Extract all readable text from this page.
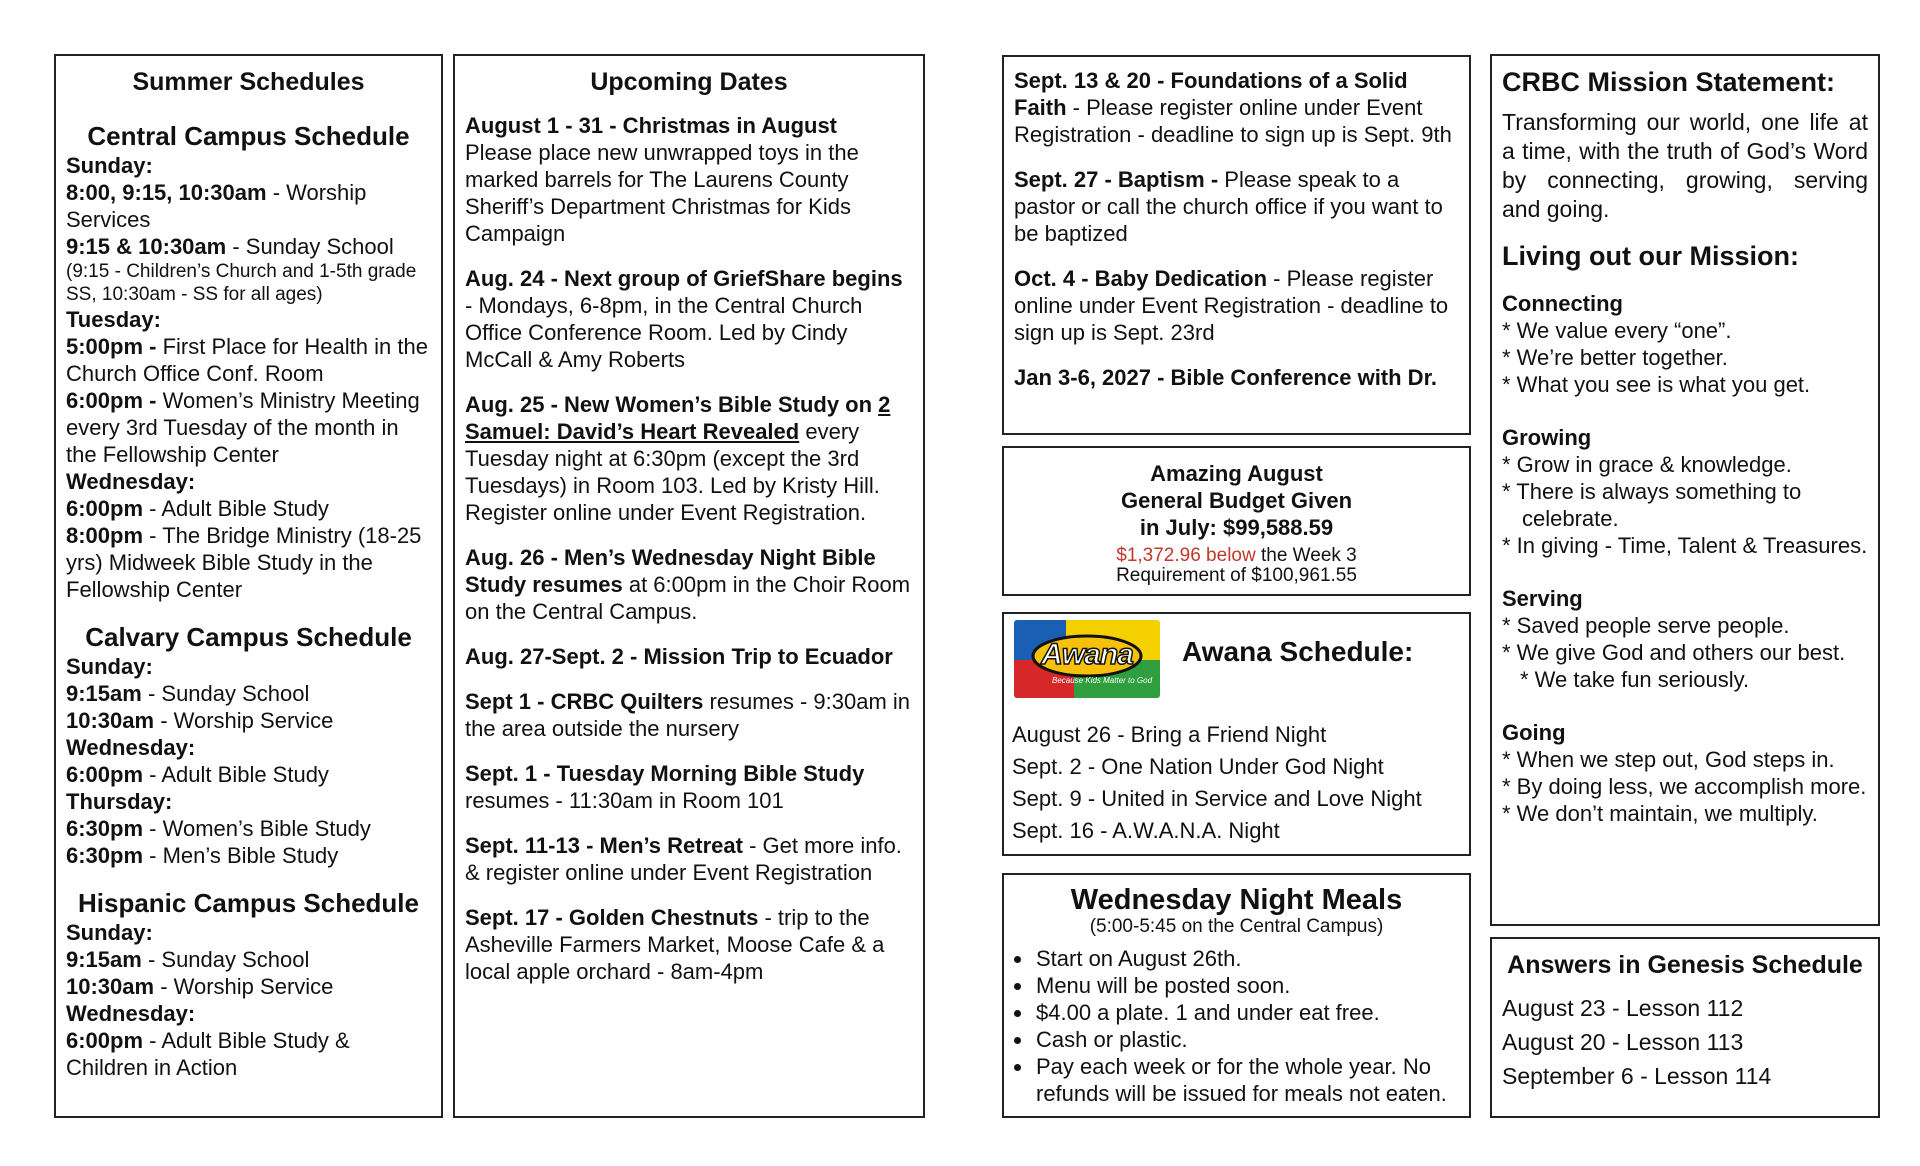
Summer Schedules
Central Campus Schedule
Sunday:
8:00, 9:15, 10:30am - Worship Services
9:15 & 10:30am - Sunday School
(9:15 - Children’s Church and 1-5th grade SS, 10:30am - SS for all ages)
Tuesday:
5:00pm - First Place for Health in the Church Office Conf. Room
6:00pm - Women’s Ministry Meeting every 3rd Tuesday of the month in the Fellowship Center
Wednesday:
6:00pm - Adult Bible Study
8:00pm - The Bridge Ministry (18-25 yrs) Midweek Bible Study in the Fellowship Center
Calvary Campus Schedule
Sunday:
9:15am - Sunday School
10:30am - Worship Service
Wednesday:
6:00pm - Adult Bible Study
Thursday:
6:30pm - Women’s Bible Study
6:30pm - Men’s Bible Study
Hispanic Campus Schedule
Sunday:
9:15am - Sunday School
10:30am - Worship Service
Wednesday:
6:00pm - Adult Bible Study & Children in Action
Upcoming Dates

August 1 - 31 - Christmas in August
Please place new unwrapped toys in the marked barrels for The Laurens County Sheriff’s Department Christmas for Kids Campaign

Aug. 24 - Next group of GriefShare begins - Mondays, 6-8pm, in the Central Church Office Conference Room. Led by Cindy McCall & Amy Roberts

Aug. 25 - New Women’s Bible Study on 2 Samuel: David’s Heart Revealed every Tuesday night at 6:30pm (except the 3rd Tuesdays) in Room 103. Led by Kristy Hill. Register online under Event Registration.

Aug. 26 - Men’s Wednesday Night Bible Study resumes at 6:00pm in the Choir Room on the Central Campus.

Aug. 27-Sept. 2 - Mission Trip to Ecuador

Sept 1 - CRBC Quilters resumes - 9:30am in the area outside the nursery

Sept. 1 - Tuesday Morning Bible Study resumes - 11:30am in Room 101

Sept. 11-13 - Men’s Retreat - Get more info. & register online under Event Registration

Sept. 17 - Golden Chestnuts - trip to the Asheville Farmers Market, Moose Cafe & a local apple orchard - 8am-4pm

Sept. 13 & 20 - Foundations of a Solid Faith - Please register online under Event Registration - deadline to sign up is Sept. 9th

Sept. 27 - Baptism - Please speak to a pastor or call the church office if you want to be baptized

Oct. 4 - Baby Dedication - Please register online under Event Registration - deadline to sign up is Sept. 23rd

Jan 3-6, 2027 - Bible Conference with Dr.

Amazing August
General Budget Given
in July: $99,588.59
$1,372.96 below the Week 3
Requirement of $100,961.55
Awana
Because Kids Matter to God
Awana Schedule:
August 26 - Bring a Friend Night
Sept. 2 - One Nation Under God Night
Sept. 9 - United in Service and Love Night
Sept. 16 - A.W.A.N.A. Night
Wednesday Night Meals
(5:00-5:45 on the Central Campus)
• Start on August 26th.
• Menu will be posted soon.
• $4.00 a plate. 1 and under eat free.
• Cash or plastic.
• Pay each week or for the whole year. No refunds will be issued for meals not eaten.
CRBC Mission Statement:
Transforming our world, one life at a time, with the truth of God’s Word by connecting, growing, serving and going.
Living out our Mission:
Connecting
* We value every “one”.
* We’re better together.
* What you see is what you get.
Growing
* Grow in grace & knowledge.
* There is always something to celebrate.
* In giving - Time, Talent & Treasures.
Serving
* Saved people serve people.
* We give God and others our best.
* We take fun seriously.
Going
* When we step out, God steps in.
* By doing less, we accomplish more.
* We don’t maintain, we multiply.
Answers in Genesis Schedule
August 23 - Lesson 112
August 20 - Lesson 113
September 6 - Lesson 114
